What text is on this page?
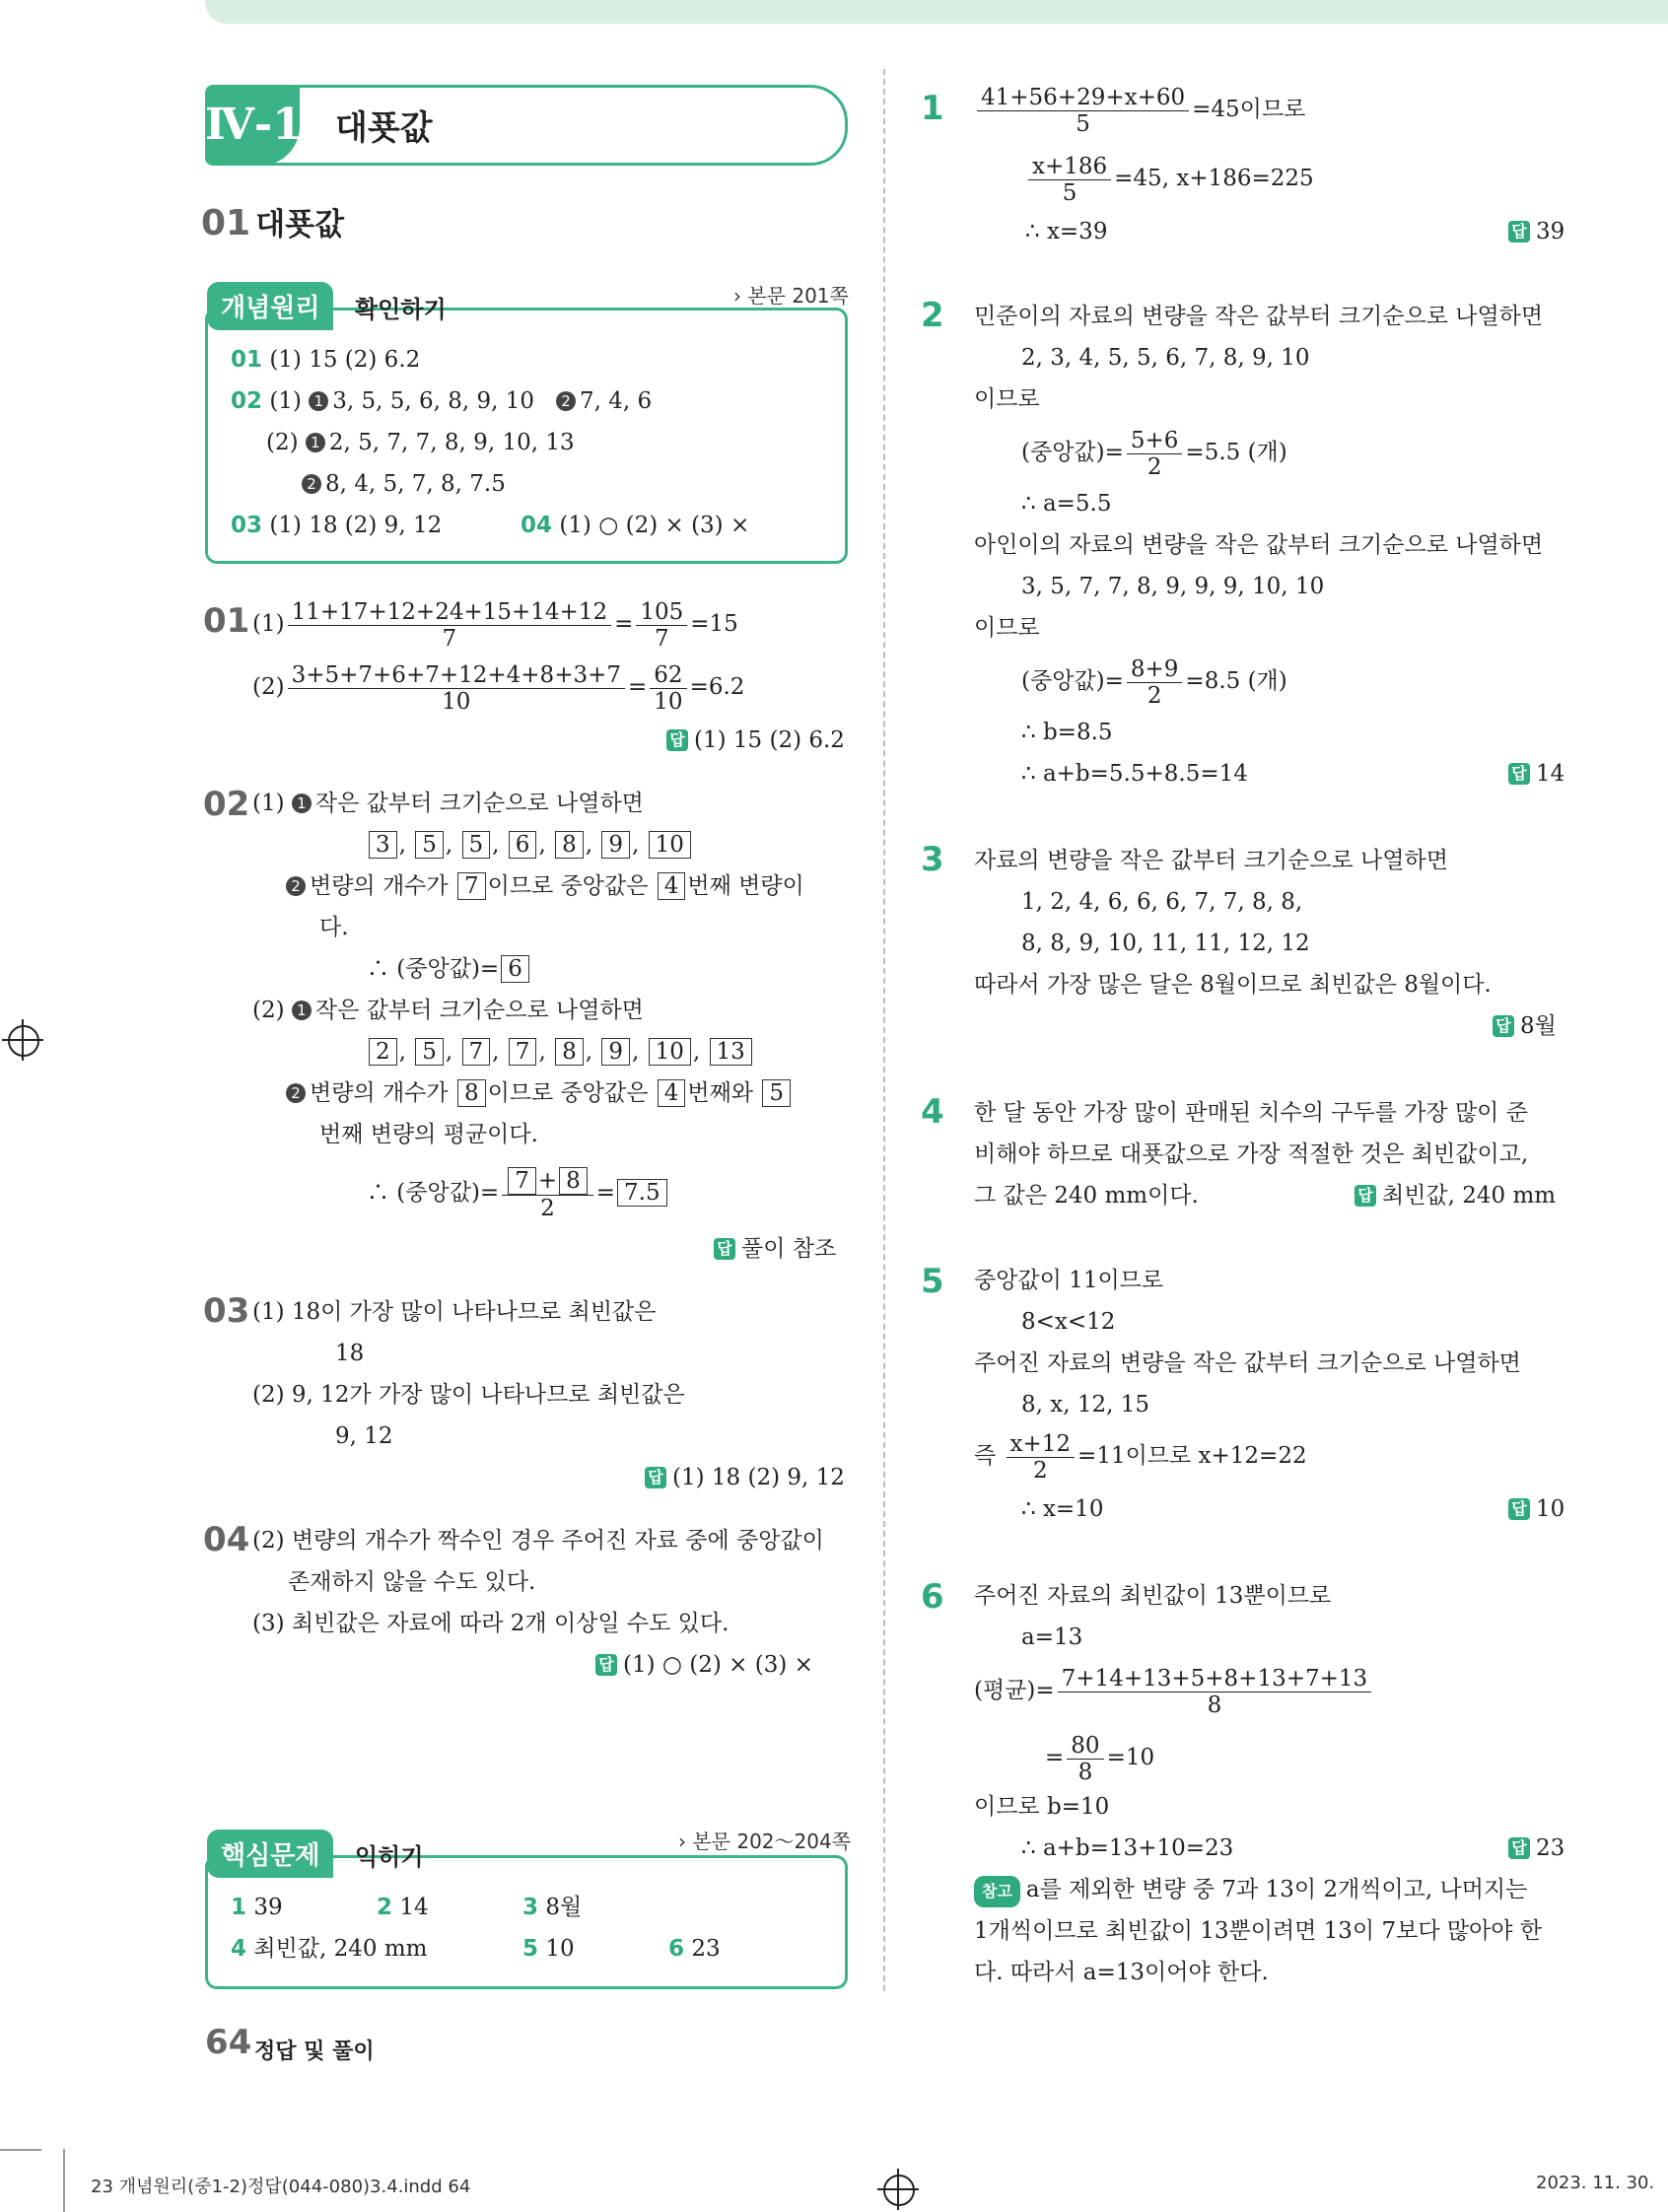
Ⅳ-1 대푯값
01 대푯값
개념원리	확인하기	› 본문 201쪽
01 (1) 15 (2) 6.2
02 (1) 1 3, 5, 5, 6, 8, 9, 10 2 7, 4, 6
(2) 1 2, 5, 7, 7, 8, 9, 10, 13
2 8, 4, 5, 7, 8, 7.5
03 (1) 18 (2) 9, 12	04 (1) ○ (2) × (3) ×
01 $(1) \frac{11+17+12+24+15+14+12}{7} = \frac{105}{7} =15$
$(2) \frac{3+5+7+6+7+12+4+8+3+7}{10} = \frac{62}{10} =6.2$
답 (1) 15 (2) 6.2
02 (1) 1 작은 값부터 크기순으로 나열하면
3 , 5 , 5 , 6 , 8 , 9 , 10
2 변량의 개수가 7 이므로 중앙값은 4 번째 변량이
다.
∴ (중앙값)= 6
(2) 1 작은 값부터 크기순으로 나열하면
2 , 5 , 7 , 7 , 8 , 9 , 10 , 13
2 변량의 개수가 8 이므로 중앙값은 4 번째와 5
번째 변량의 평균이다.
∴ (중앙값)= $\frac{7 + 8}{2} = 7.5$
답 풀이 참조
03 (1) 18이 가장 많이 나타나므로 최빈값은
18
(2) 9, 12가 가장 많이 나타나므로 최빈값은
9, 12
답 (1) 18 (2) 9, 12
04 (2) 변량의 개수가 짝수인 경우 주어진 자료 중에 중앙값이
존재하지 않을 수도 있다.
(3) 최빈값은 자료에 따라 2개 이상일 수도 있다.
답 (1) ○ (2) × (3) ×
핵심문제	익히기
› 본문 202～204쪽
1 39	2 14	3 8월
4 최빈값, 240 mm	5 10	6 23
$1 \frac{41+56+29+x+60}{5} =45$이므로
$\frac{x+186}{5} =45$, x+186=225
∴ x=39	답 39
2 민준이의 자료의 변량을 작은 값부터 크기순으로 나열하면
2, 3, 4, 5, 5, 6, 7, 8, 9, 10
이므로
(중앙값)= $\frac{5+6}{2} =5.5$ (개)
∴ a=5.5
아인이의 자료의 변량을 작은 값부터 크기순으로 나열하면
3, 5, 7, 7, 8, 9, 9, 9, 10, 10
이므로
(중앙값)= $\frac{8+9}{2} =8.5$ (개)
∴ b=8.5
∴ a+b=5.5+8.5=14	답 14
3 자료의 변량을 작은 값부터 크기순으로 나열하면
1, 2, 4, 6, 6, 6, 7, 7, 8, 8,
8, 8, 9, 10, 11, 11, 12, 12
따라서 가장 많은 달은 8월이므로 최빈값은 8월이다.
답 8월
4 한 달 동안 가장 많이 판매된 치수의 구두를 가장 많이 준
비해야 하므로 대푯값으로 가장 적절한 것은 최빈값이고,
그 값은 240 mm이다.	답 최빈값, 240 mm
5 중앙값이 11이므로
8<x<12
주어진 자료의 변량을 작은 값부터 크기순으로 나열하면
8, x, 12, 15
즉 $\frac{x+12}{2} =11$이므로 x+12=22
∴ x=10	답 10
6 주어진 자료의 최빈값이 13뿐이므로
a=13
(평균)= $\frac{7+14+13+5+8+13+7+13}{8}$
= $\frac{80}{8} =10$
이므로 b=10
∴ a+b=13+10=23	답 23
참고 a를 제외한 변량 중 7과 13이 2개씩이고, 나머지는
1개씩이므로 최빈값이 13뿐이려면 13이 7보다 많아야 한
다. 따라서 a=13이어야 한다.
64 정답 및 풀이
23 개념원리(중1-2)정답(044-080)3.4.indd 64	2023. 11. 30.
